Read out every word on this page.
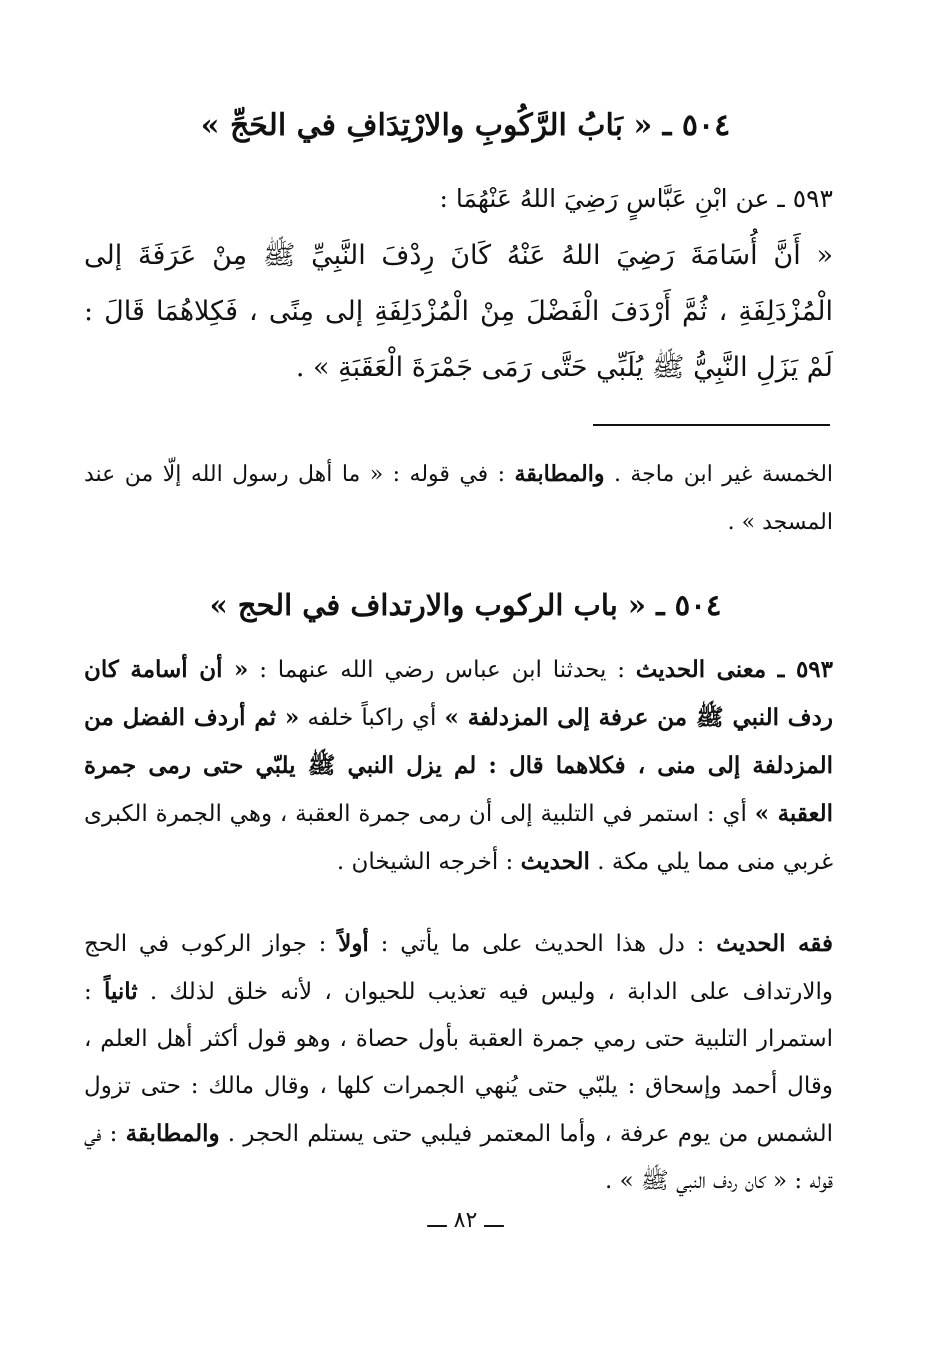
٥٠٤ ـ « بَابُ الرَّكُوبِ والارْتِدَافِ في الحَجِّ »
٥٩٣ ـ عن ابْنِ عَبَّاسٍ رَضِيَ اللهُ عَنْهُمَا :
« أَنَّ أُسَامَةَ رَضِيَ اللهُ عَنْهُ كَانَ رِدْفَ النَّبِيِّ ﷺ مِنْ عَرَفَةَ إلى الْمُزْدَلِفَةِ ، ثُمَّ أَرْدَفَ الْفَضْلَ مِنْ الْمُزْدَلِفَةِ إلى مِنًى ، فَكِلاهُمَا قَالَ : لَمْ يَزَلِ النَّبِيُّ ﷺ يُلَبِّي حَتَّى رَمَى جَمْرَةَ الْعَقَبَةِ » .
الخمسة غير ابن ماجة . والمطابقة : في قوله : « ما أهل رسول الله إلّا من عند المسجد » .
٥٠٤ ـ « باب الركوب والارتداف في الحج »
٥٩٣ ـ معنى الحديث : يحدثنا ابن عباس رضي الله عنهما : « أن أسامة كان ردف النبي ﷺ من عرفة إلى المزدلفة » أي راكباً خلفه « ثم أردف الفضل من المزدلفة إلى منى ، فكلاهما قال : لم يزل النبي ﷺ يلبّي حتى رمى جمرة العقبة » أي : استمر في التلبية إلى أن رمى جمرة العقبة ، وهي الجمرة الكبرى غربي منى مما يلي مكة . الحديث : أخرجه الشيخان .
فقه الحديث : دل هذا الحديث على ما يأتي : أولاً : جواز الركوب في الحج والارتداف على الدابة ، وليس فيه تعذيب للحيوان ، لأنه خلق لذلك . ثانياً : استمرار التلبية حتى رمي جمرة العقبة بأول حصاة ، وهو قول أكثر أهل العلم ، وقال أحمد وإسحاق : يلبّي حتى يُنهي الجمرات كلها ، وقال مالك : حتى تزول الشمس من يوم عرفة ، وأما المعتمر فيلبي حتى يستلم الحجر . والمطابقة : في قوله : « كان ردف النبي ﷺ » .
ـــ ٨٢ ـــ
